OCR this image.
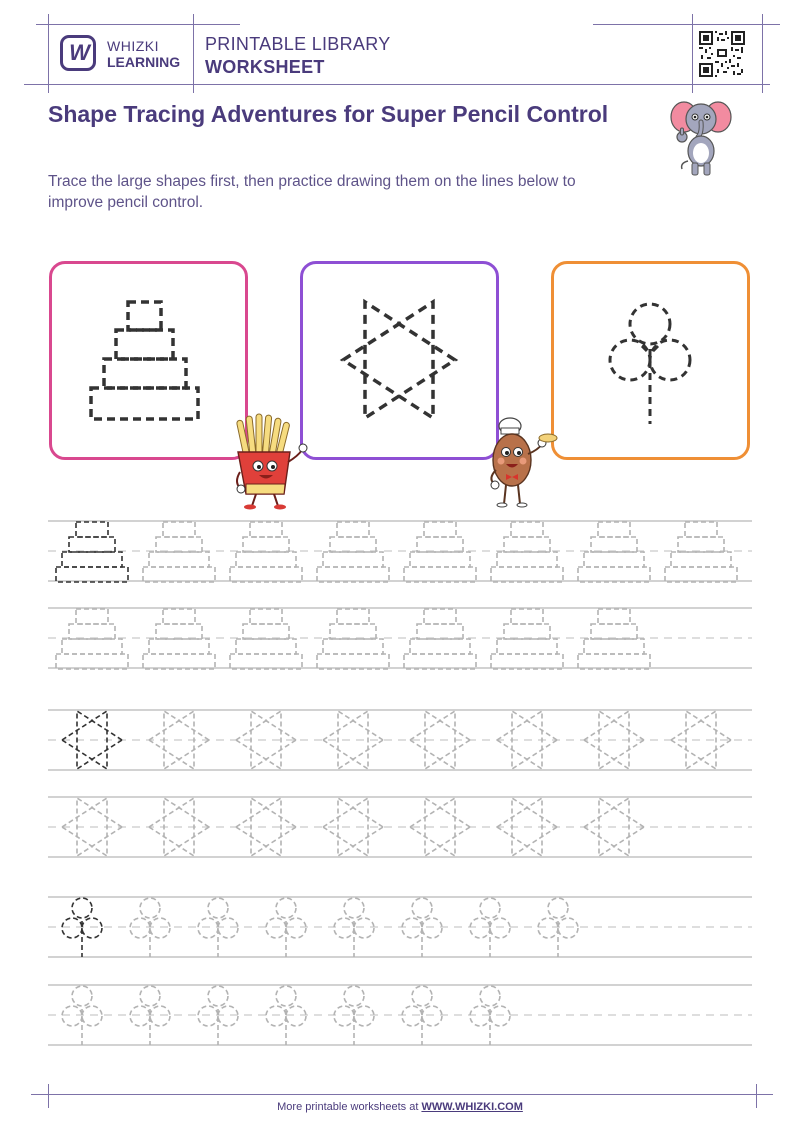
W WHIZKI
LEARNING
PRINTABLE LIBRARY
WORKSHEET
Shape Tracing Adventures for Super Pencil Control
Trace the large shapes first, then practice drawing them on the lines below to improve pencil control.
More printable worksheets at WWW.WHIZKI.COM
